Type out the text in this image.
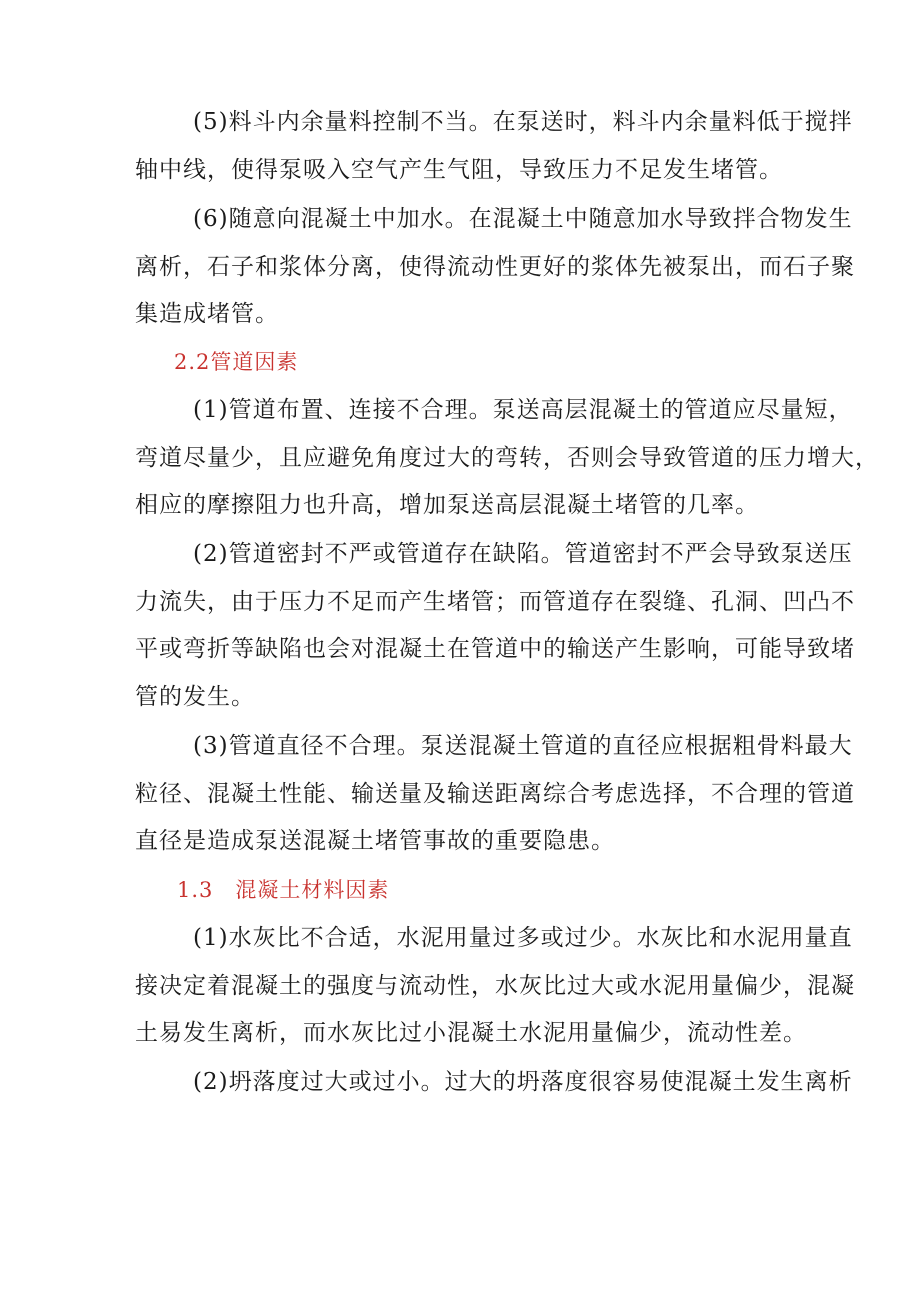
(5)料斗内余量料控制不当。在泵送时，料斗内余量料低于搅拌
轴中线，使得泵吸入空气产生气阻，导致压力不足发生堵管。
(6)随意向混凝土中加水。在混凝土中随意加水导致拌合物发生
离析，石子和浆体分离，使得流动性更好的浆体先被泵出，而石子聚
集造成堵管。
2.2管道因素
(1)管道布置、连接不合理。泵送高层混凝土的管道应尽量短，
弯道尽量少，且应避免角度过大的弯转，否则会导致管道的压力增大，
相应的摩擦阻力也升高，增加泵送高层混凝土堵管的几率。
(2)管道密封不严或管道存在缺陷。管道密封不严会导致泵送压
力流失，由于压力不足而产生堵管；而管道存在裂缝、孔洞、凹凸不
平或弯折等缺陷也会对混凝土在管道中的输送产生影响，可能导致堵
管的发生。
(3)管道直径不合理。泵送混凝土管道的直径应根据粗骨料最大
粒径、混凝土性能、输送量及输送距离综合考虑选择，不合理的管道
直径是造成泵送混凝土堵管事故的重要隐患。
1.3　混凝土材料因素
(1)水灰比不合适，水泥用量过多或过少。水灰比和水泥用量直
接决定着混凝土的强度与流动性，水灰比过大或水泥用量偏少，混凝
土易发生离析，而水灰比过小混凝土水泥用量偏少，流动性差。
(2)坍落度过大或过小。过大的坍落度很容易使混凝土发生离析
